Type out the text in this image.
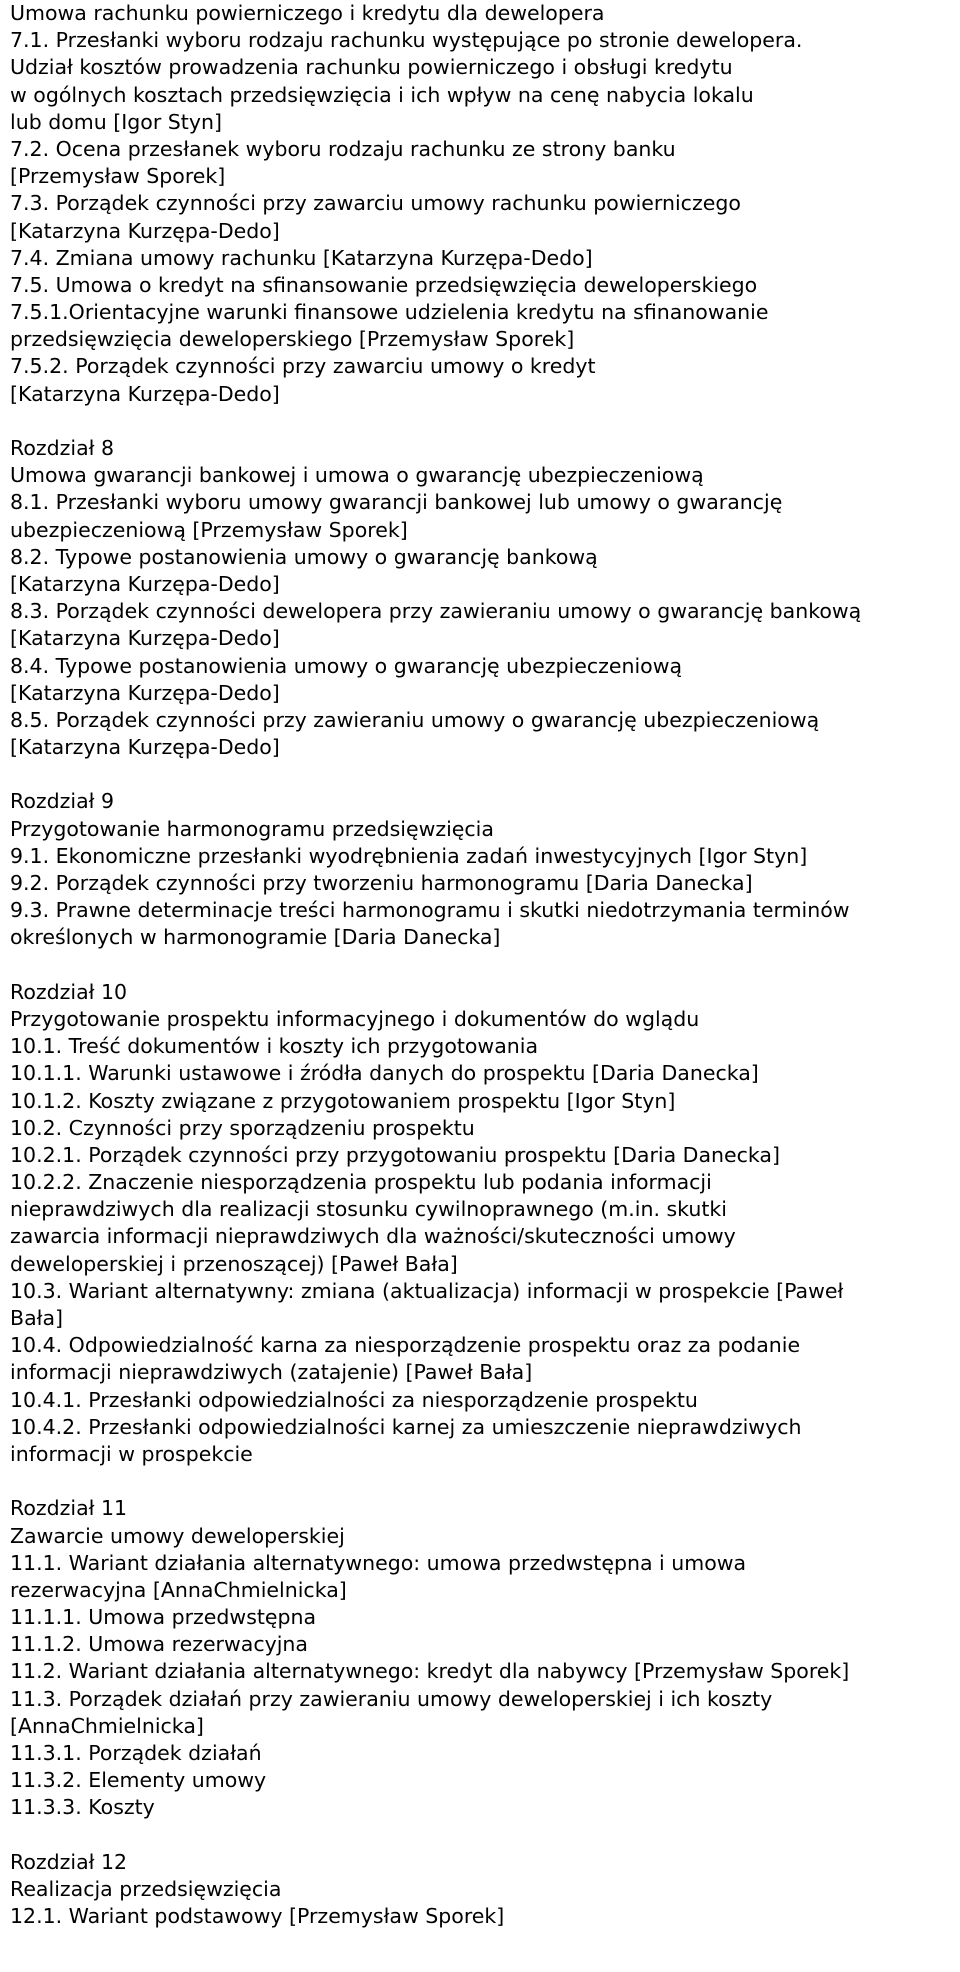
Umowa rachunku powierniczego i kredytu dla dewelopera
7.1. Przesłanki wyboru rodzaju rachunku występujące po stronie dewelopera.
Udział kosztów prowadzenia rachunku powierniczego i obsługi kredytu
w ogólnych kosztach przedsięwzięcia i ich wpływ na cenę nabycia lokalu
lub domu [Igor Styn]
7.2. Ocena przesłanek wyboru rodzaju rachunku ze strony banku
[Przemysław Sporek]
7.3. Porządek czynności przy zawarciu umowy rachunku powierniczego
[Katarzyna Kurzępa-Dedo]
7.4. Zmiana umowy rachunku [Katarzyna Kurzępa-Dedo]
7.5. Umowa o kredyt na sfinansowanie przedsięwzięcia deweloperskiego
7.5.1.Orientacyjne warunki finansowe udzielenia kredytu na sfinanowanie
przedsięwzięcia deweloperskiego [Przemysław Sporek]
7.5.2. Porządek czynności przy zawarciu umowy o kredyt
[Katarzyna Kurzępa-Dedo]
Rozdział 8
Umowa gwarancji bankowej i umowa o gwarancję ubezpieczeniową
8.1. Przesłanki wyboru umowy gwarancji bankowej lub umowy o gwarancję
ubezpieczeniową [Przemysław Sporek]
8.2. Typowe postanowienia umowy o gwarancję bankową
[Katarzyna Kurzępa-Dedo]
8.3. Porządek czynności dewelopera przy zawieraniu umowy o gwarancję bankową
[Katarzyna Kurzępa-Dedo]
8.4. Typowe postanowienia umowy o gwarancję ubezpieczeniową
[Katarzyna Kurzępa-Dedo]
8.5. Porządek czynności przy zawieraniu umowy o gwarancję ubezpieczeniową
[Katarzyna Kurzępa-Dedo]
Rozdział 9
Przygotowanie harmonogramu przedsięwzięcia
9.1. Ekonomiczne przesłanki wyodrębnienia zadań inwestycyjnych [Igor Styn]
9.2. Porządek czynności przy tworzeniu harmonogramu [Daria Danecka]
9.3. Prawne determinacje treści harmonogramu i skutki niedotrzymania terminów
określonych w harmonogramie [Daria Danecka]
Rozdział 10
Przygotowanie prospektu informacyjnego i dokumentów do wglądu
10.1. Treść dokumentów i koszty ich przygotowania
10.1.1. Warunki ustawowe i źródła danych do prospektu [Daria Danecka]
10.1.2. Koszty związane z przygotowaniem prospektu [Igor Styn]
10.2. Czynności przy sporządzeniu prospektu
10.2.1. Porządek czynności przy przygotowaniu prospektu [Daria Danecka]
10.2.2. Znaczenie niesporządzenia prospektu lub podania informacji
nieprawdziwych dla realizacji stosunku cywilnoprawnego (m.in. skutki
zawarcia informacji nieprawdziwych dla ważności/skuteczności umowy
deweloperskiej i przenoszącej) [Paweł Bała]
10.3. Wariant alternatywny: zmiana (aktualizacja) informacji w prospekcie [Paweł
Bała]
10.4. Odpowiedzialność karna za niesporządzenie prospektu oraz za podanie
informacji nieprawdziwych (zatajenie) [Paweł Bała]
10.4.1. Przesłanki odpowiedzialności za niesporządzenie prospektu
10.4.2. Przesłanki odpowiedzialności karnej za umieszczenie nieprawdziwych
informacji w prospekcie
Rozdział 11
Zawarcie umowy deweloperskiej
11.1. Wariant działania alternatywnego: umowa przedwstępna i umowa
rezerwacyjna [AnnaChmielnicka]
11.1.1. Umowa przedwstępna
11.1.2. Umowa rezerwacyjna
11.2. Wariant działania alternatywnego: kredyt dla nabywcy [Przemysław Sporek]
11.3. Porządek działań przy zawieraniu umowy deweloperskiej i ich koszty
[AnnaChmielnicka]
11.3.1. Porządek działań
11.3.2. Elementy umowy
11.3.3. Koszty
Rozdział 12
Realizacja przedsięwzięcia
12.1. Wariant podstawowy [Przemysław Sporek]
